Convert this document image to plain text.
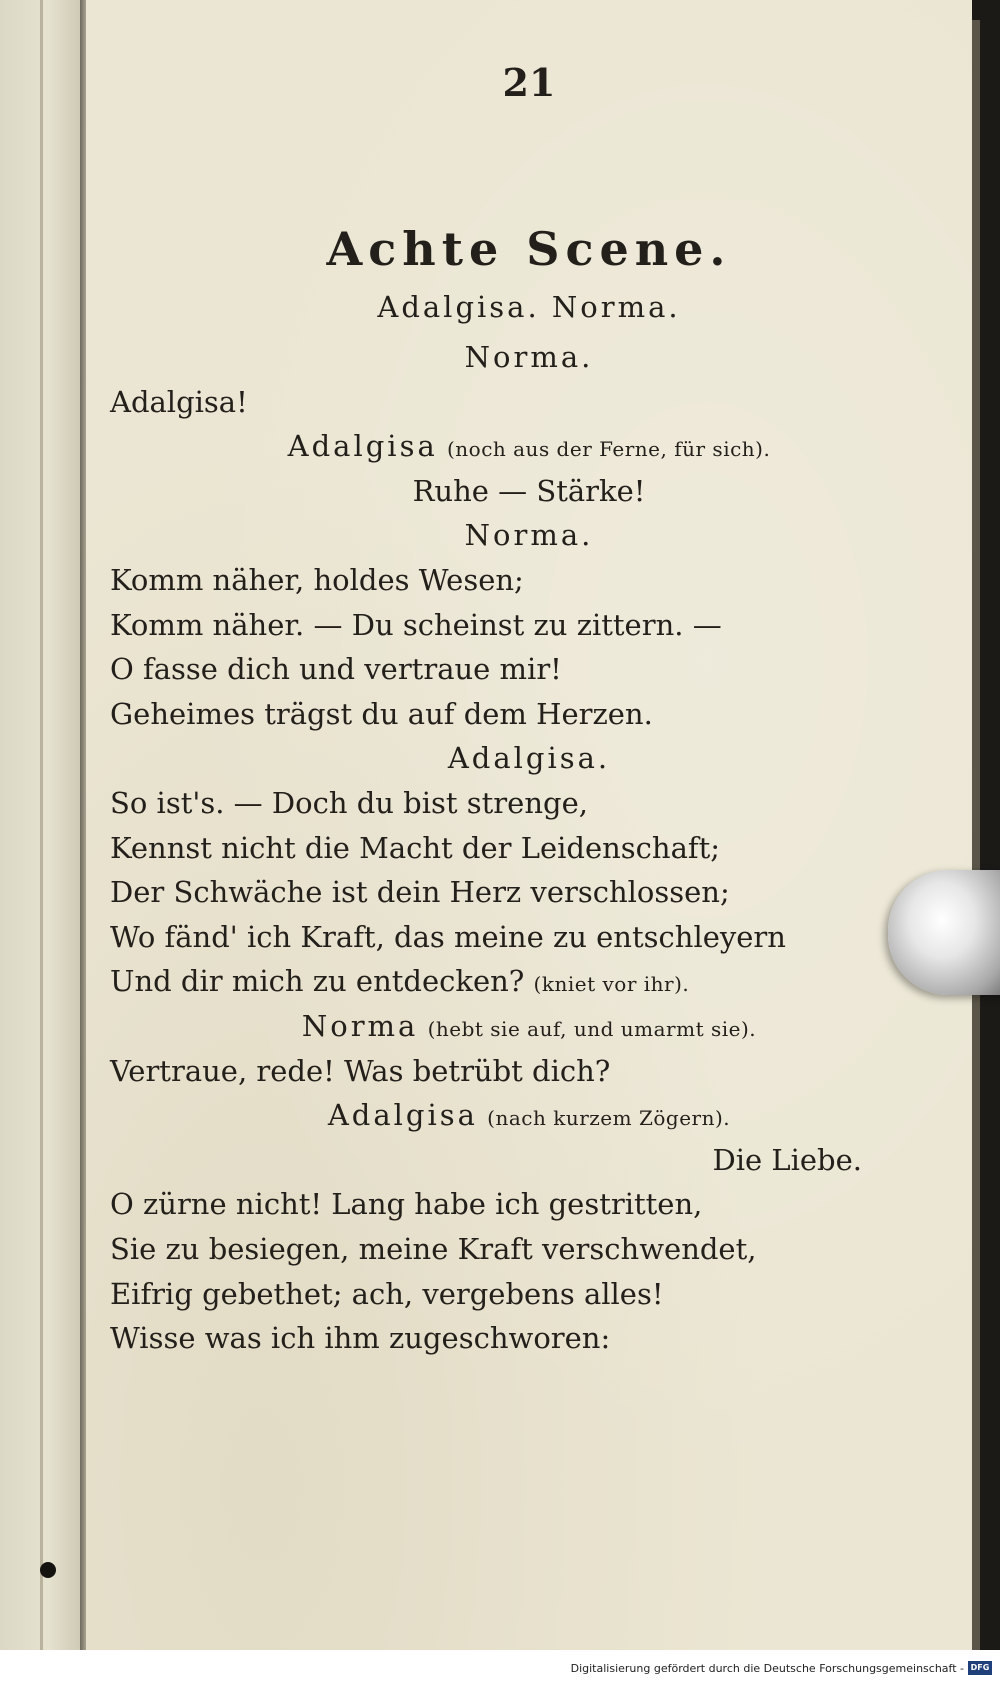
21
Achte Scene.
Adalgisa. Norma.
Norma.
Adalgisa!
Adalgisa (noch aus der Ferne, für sich).
Ruhe — Stärke!
Norma.
Komm näher, holdes Wesen;
Komm näher. — Du scheinst zu zittern. —
O fasse dich und vertraue mir!
Geheimes trägst du auf dem Herzen.
Adalgisa.
So ist's. — Doch du bist strenge,
Kennst nicht die Macht der Leidenschaft;
Der Schwäche ist dein Herz verschlossen;
Wo fänd' ich Kraft, das meine zu entschleyern
Und dir mich zu entdecken? (kniet vor ihr).
Norma (hebt sie auf, und umarmt sie).
Vertraue, rede! Was betrübt dich?
Adalgisa (nach kurzem Zögern).
Die Liebe.
O zürne nicht! Lang habe ich gestritten,
Sie zu besiegen, meine Kraft verschwendet,
Eifrig gebethet; ach, vergebens alles!
Wisse was ich ihm zugeschworen:
Digitalisierung gefördert durch die Deutsche Forschungsgemeinschaft - DFG
